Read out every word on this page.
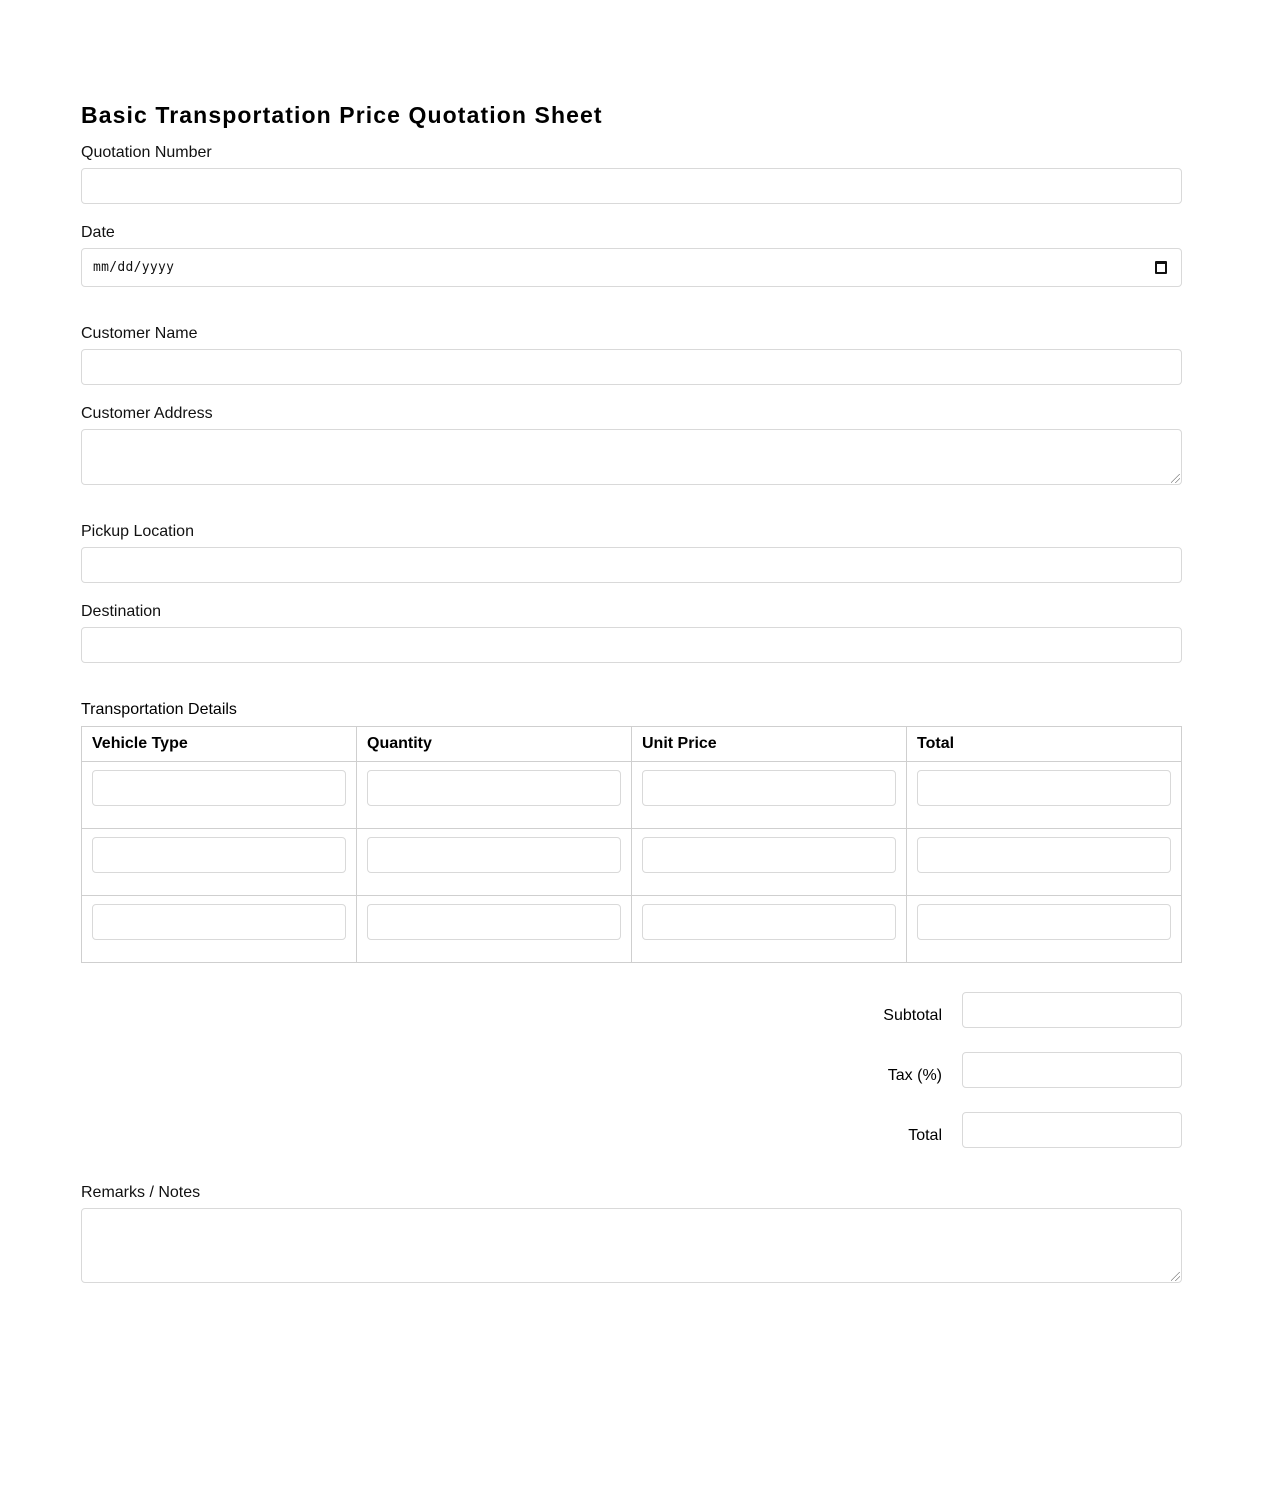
Basic Transportation Price Quotation Sheet
Quotation Number
Date
mm/dd/yyyy
Customer Name
Customer Address
Pickup Location
Destination
Transportation Details
Vehicle Type	Quantity	Unit Price	Total

Subtotal
Tax (%)
Total
Remarks / Notes
